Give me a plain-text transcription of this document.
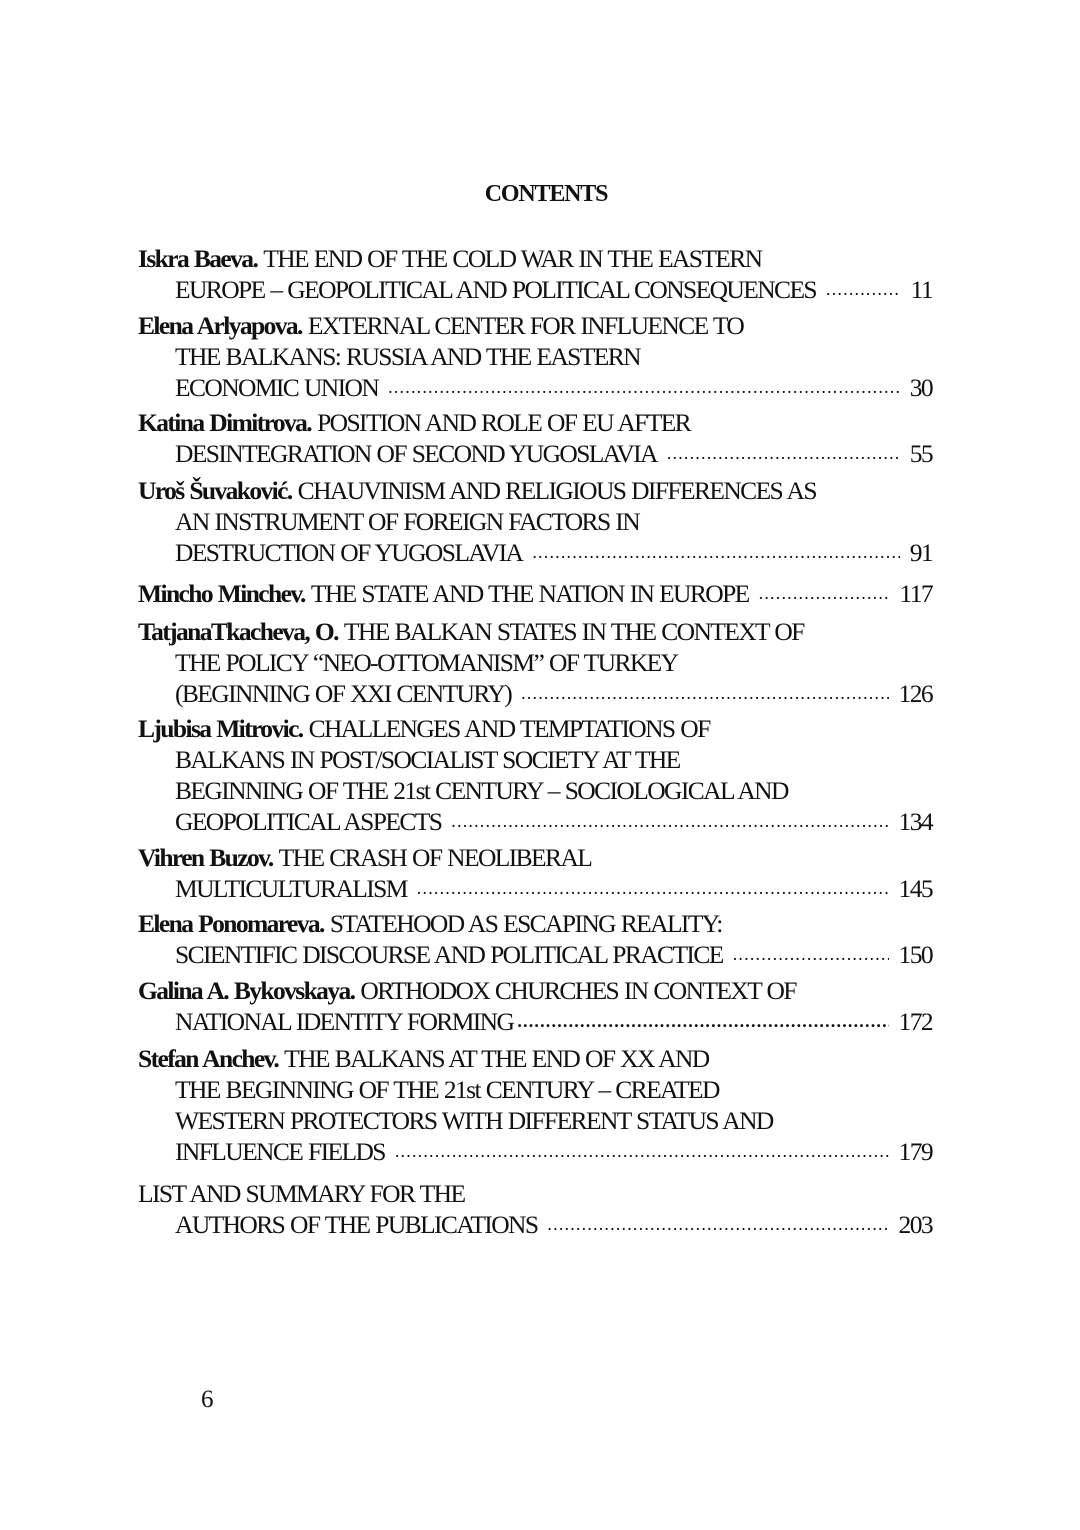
CONTENTS
Iskra Baeva. THE END OF THE COLD WAR IN THE EASTERN
EUROPE – GEOPOLITICAL AND POLITICAL CONSEQUENCES .....	11
Elena Arlyapova. EXTERNAL CENTER FOR INFLUENCE TO
THE BALKANS: RUSSIA AND THE EASTERN
ECONOMIC UNION .....	30
Katina Dimitrova. POSITION AND ROLE OF EU AFTER
DESINTEGRATION OF SECOND YUGOSLAVIA .....	55
Uroš Šuvaković. CHAUVINISM AND RELIGIOUS DIFFERENCES AS
AN INSTRUMENT OF FOREIGN FACTORS IN
DESTRUCTION OF YUGOSLAVIA .....	91
Mincho Minchev. THE STATE AND THE NATION IN EUROPE .....	117
TatjanaTkacheva, O. THE BALKAN STATES IN THE CONTEXT OF
THE POLICY “NEO-OTTOMANISM” OF TURKEY
(BEGINNING OF XXI CENTURY) .....	126
Ljubisa Mitrovic. CHALLENGES AND TEMPTATIONS OF
BALKANS IN POST/SOCIALIST SOCIETY AT THE
BEGINNING OF THE 21st CENTURY – SOCIOLOGICAL AND
GEOPOLITICAL ASPECTS .....	134
Vihren Buzov. THE CRASH OF NEOLIBERAL
MULTICULTURALISM .....	145
Elena Ponomareva. STATEHOOD AS ESCAPING REALITY:
SCIENTIFIC DISCOURSE AND POLITICAL PRACTICE .....	150
Galina A. Bykovskaya. ORTHODOX CHURCHES IN CONTEXT OF
NATIONAL IDENTITY FORMING .....	172
Stefan Anchev. THE BALKANS AT THE END OF XX AND
THE BEGINNING OF THE 21st CENTURY – CREATED
WESTERN PROTECTORS WITH DIFFERENT STATUS AND
INFLUENCE FIELDS .....	179
LIST AND SUMMARY FOR THE
AUTHORS OF THE PUBLICATIONS .....	203
6
